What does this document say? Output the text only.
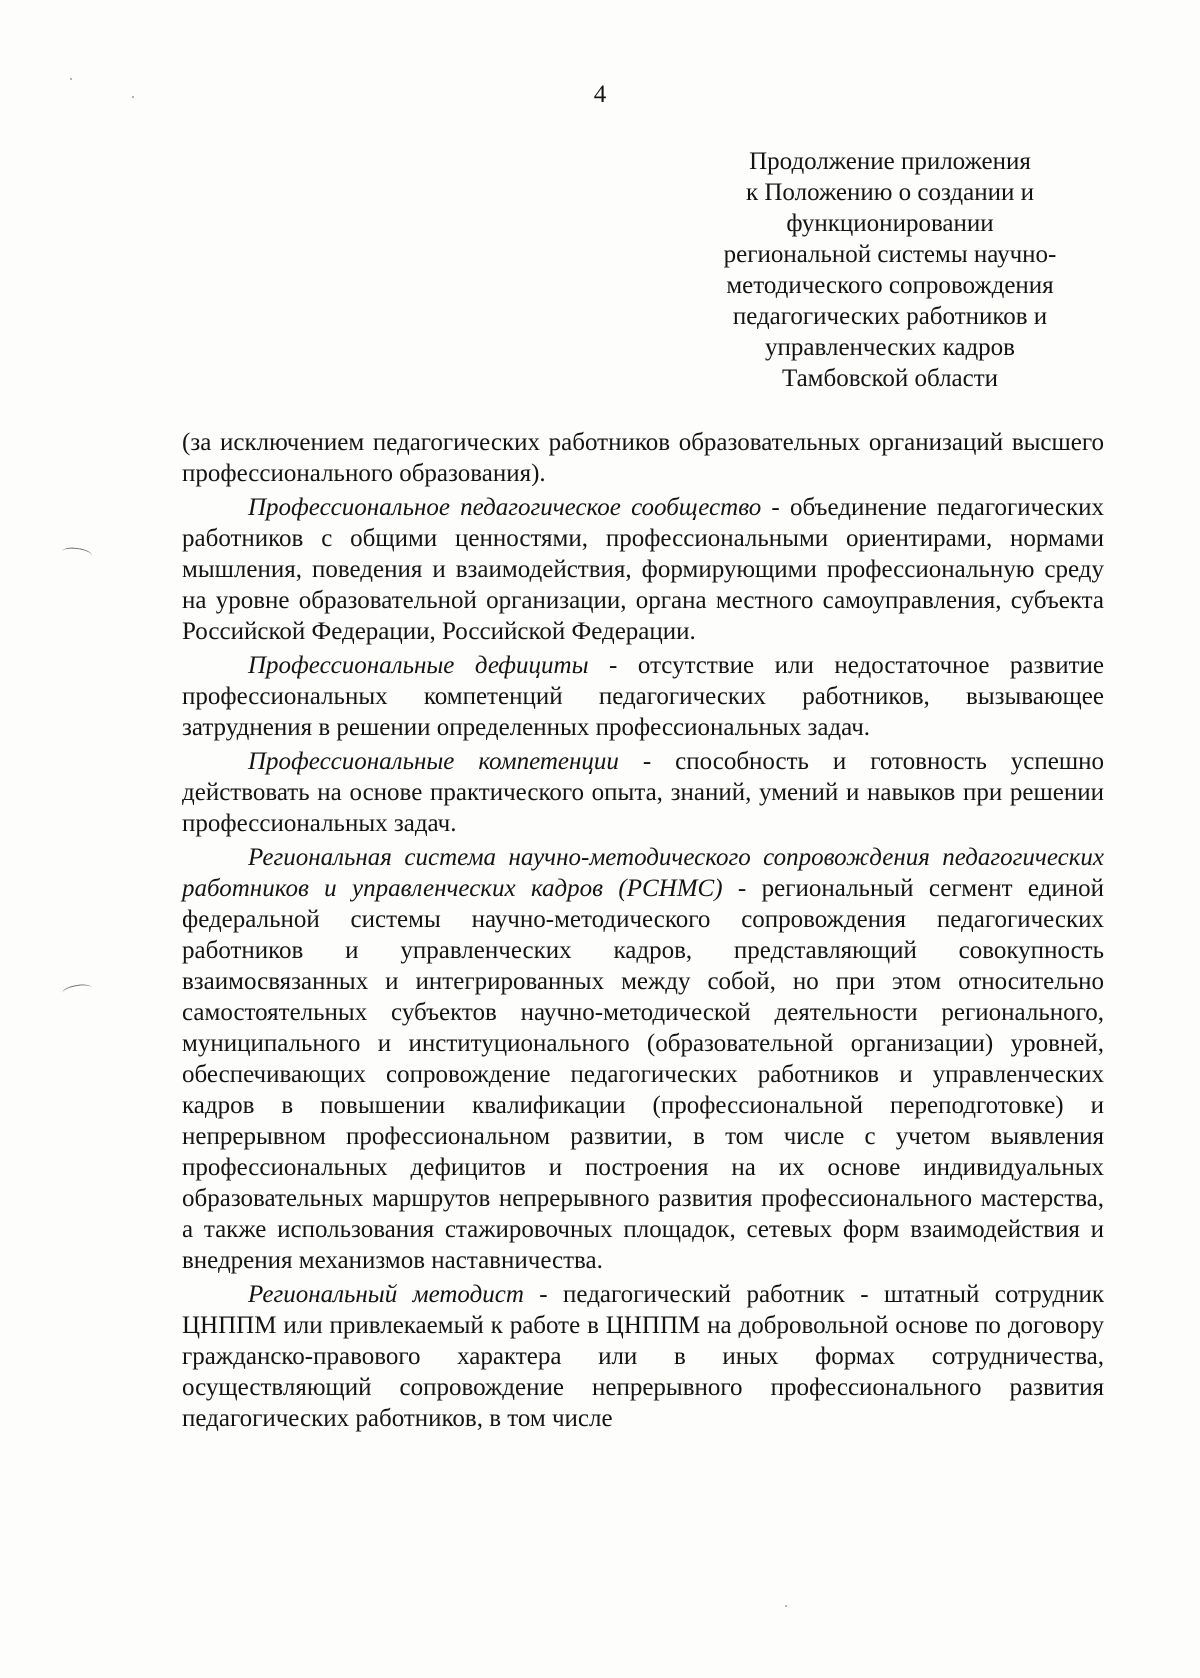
4
Продолжение приложения
к Положению о создании и
функционировании
региональной системы научно-
методического сопровождения
педагогических работников и
управленческих кадров
Тамбовской области

(за исключением педагогических работников образовательных организаций высшего профессионального образования).

Профессиональное педагогическое сообщество - объединение педагогических работников с общими ценностями, профессиональными ориентирами, нормами мышления, поведения и взаимодействия, формирующими профессиональную среду на уровне образовательной организации, органа местного самоуправления, субъекта Российской Федерации, Российской Федерации.

Профессиональные дефициты - отсутствие или недостаточное развитие профессиональных компетенций педагогических работников, вызывающее затруднения в решении определенных профессиональных задач.

Профессиональные компетенции - способность и готовность успешно действовать на основе практического опыта, знаний, умений и навыков при решении профессиональных задач.

Региональная система научно-методического сопровождения педагогических работников и управленческих кадров (РСНМС) - региональный сегмент единой федеральной системы научно-методического сопровождения педагогических работников и управленческих кадров, представляющий совокупность взаимосвязанных и интегрированных между собой, но при этом относительно самостоятельных субъектов научно-методической деятельности регионального, муниципального и институционального (образовательной организации) уровней, обеспечивающих сопровождение педагогических работников и управленческих кадров в повышении квалификации (профессиональной переподготовке) и непрерывном профессиональном развитии, в том числе с учетом выявления профессиональных дефицитов и построения на их основе индивидуальных образовательных маршрутов непрерывного развития профессионального мастерства, а также использования стажировочных площадок, сетевых форм взаимодействия и внедрения механизмов наставничества.

Региональный методист - педагогический работник - штатный сотрудник ЦНППМ или привлекаемый к работе в ЦНППМ на добровольной основе по договору гражданско-правового характера или в иных формах сотрудничества, осуществляющий сопровождение непрерывного профессионального развития педагогических работников, в том числе
